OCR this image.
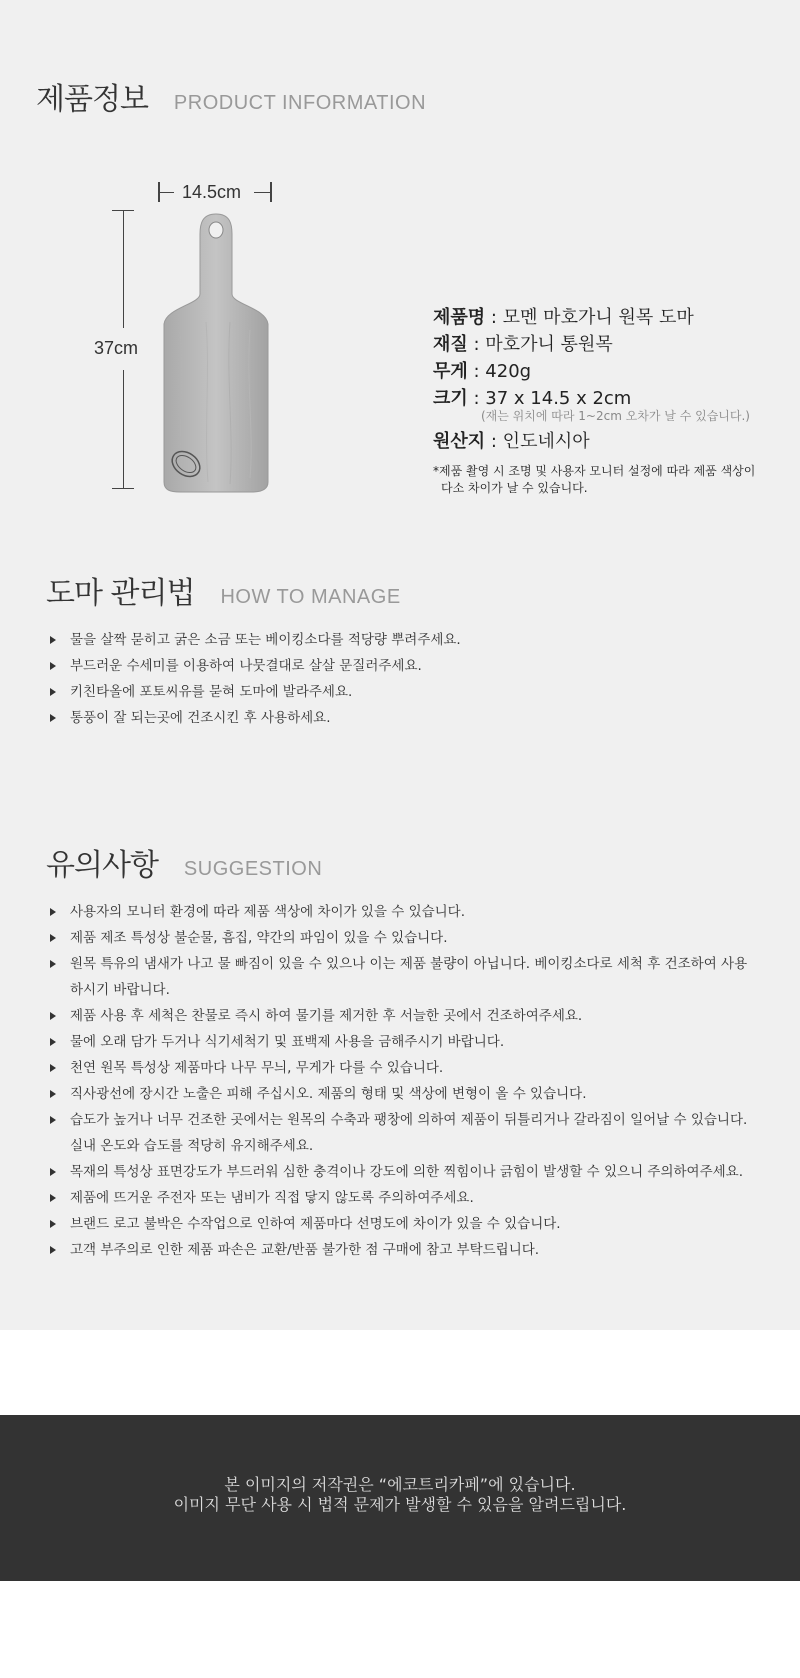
제품정보 PRODUCT INFORMATION
14.5cm
37cm
제품명 : 모멘 마호가니 원목 도마
재질 : 마호가니 통원목
무게 : 420g
크기 : 37 x 14.5 x 2cm
(재는 위치에 따라 1~2cm 오차가 날 수 있습니다.)
원산지 : 인도네시아
*제품 촬영 시 조명 및 사용자 모니터 설정에 따라 제품 색상이
다소 차이가 날 수 있습니다.
도마 관리법 HOW TO MANAGE
물을 살짝 묻히고 굵은 소금 또는 베이킹소다를 적당량 뿌려주세요.
부드러운 수세미를 이용하여 나뭇결대로 살살 문질러주세요.
키친타올에 포토씨유를 묻혀 도마에 발라주세요.
통풍이 잘 되는곳에 건조시킨 후 사용하세요.
유의사항 SUGGESTION
사용자의 모니터 환경에 따라 제품 색상에 차이가 있을 수 있습니다.
제품 제조 특성상 불순물, 흠집, 약간의 파임이 있을 수 있습니다.
원목 특유의 냄새가 나고 물 빠짐이 있을 수 있으나 이는 제품 불량이 아닙니다. 베이킹소다로 세척 후 건조하여 사용하시기 바랍니다.
제품 사용 후 세척은 찬물로 즉시 하여 물기를 제거한 후 서늘한 곳에서 건조하여주세요.
물에 오래 담가 두거나 식기세척기 및 표백제 사용을 금해주시기 바랍니다.
천연 원목 특성상 제품마다 나무 무늬, 무게가 다를 수 있습니다.
직사광선에 장시간 노출은 피해 주십시오. 제품의 형태 및 색상에 변형이 올 수 있습니다.
습도가 높거나 너무 건조한 곳에서는 원목의 수축과 팽창에 의하여 제품이 뒤틀리거나 갈라짐이 일어날 수 있습니다. 실내 온도와 습도를 적당히 유지해주세요.
목재의 특성상 표면강도가 부드러워 심한 충격이나 강도에 의한 찍힘이나 긁힘이 발생할 수 있으니 주의하여주세요.
제품에 뜨거운 주전자 또는 냄비가 직접 닿지 않도록 주의하여주세요.
브랜드 로고 불박은 수작업으로 인하여 제품마다 선명도에 차이가 있을 수 있습니다.
고객 부주의로 인한 제품 파손은 교환/반품 불가한 점 구매에 참고 부탁드립니다.
본 이미지의 저작권은 “에코트리카페”에 있습니다.
이미지 무단 사용 시 법적 문제가 발생할 수 있음을 알려드립니다.
